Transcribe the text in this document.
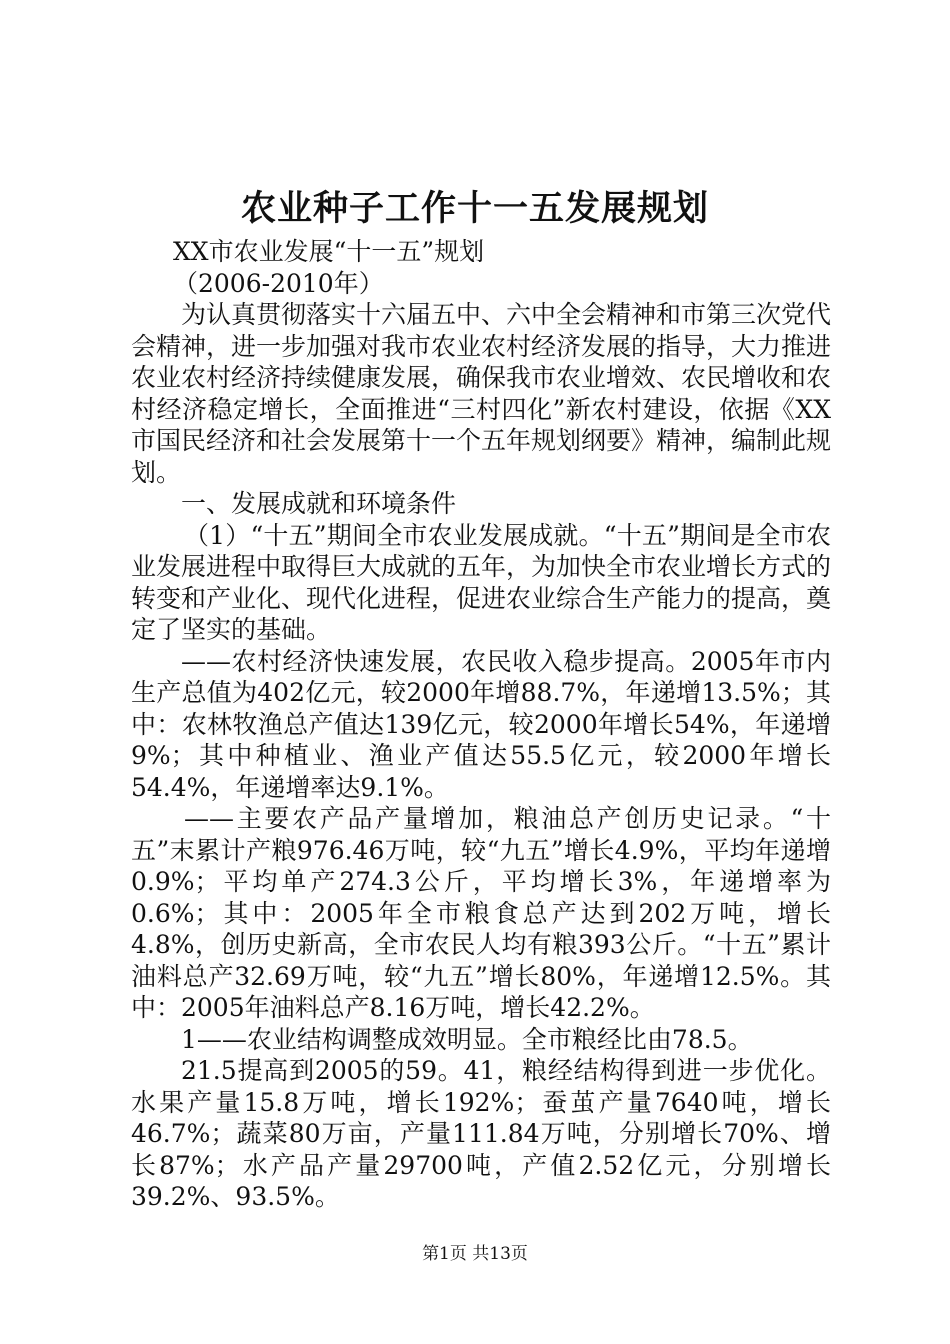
农业种子工作十一五发展规划

XX市农业发展“十一五”规划

（2006-2010年）

为认真贯彻落实十六届五中、六中全会精神和市第三次党代会精神，进一步加强对我市农业农村经济发展的指导，大力推进农业农村经济持续健康发展，确保我市农业增效、农民增收和农村经济稳定增长，全面推进“三村四化”新农村建设，依据《XX市国民经济和社会发展第十一个五年规划纲要》精神，编制此规划。

一、发展成就和环境条件

（1）“十五”期间全市农业发展成就。“十五”期间是全市农业发展进程中取得巨大成就的五年，为加快全市农业增长方式的转变和产业化、现代化进程，促进农业综合生产能力的提高，奠定了坚实的基础。

——农村经济快速发展，农民收入稳步提高。2005年市内生产总值为402亿元，较2000年增88.7%，年递增13.5%；其中：农林牧渔总产值达139亿元，较2000年增长54%，年递增9%；其中种植业、渔业产值达55.5亿元，较2000年增长54.4%，年递增率达9.1%。

——主要农产品产量增加，粮油总产创历史记录。“十五”末累计产粮976.46万吨，较“九五”增长4.9%，平均年递增0.9%；平均单产274.3公斤，平均增长3%，年递增率为0.6%；其中：2005年全市粮食总产达到202万吨，增长4.8%，创历史新高，全市农民人均有粮393公斤。“十五”累计油料总产32.69万吨，较“九五”增长80%，年递增12.5%。其中：2005年油料总产8.16万吨，增长42.2%。

1——农业结构调整成效明显。全市粮经比由78.5。

21.5提高到2005的59。41，粮经结构得到进一步优化。水果产量15.8万吨，增长192%；蚕茧产量7640吨，增长46.7%；蔬菜80万亩，产量111.84万吨，分别增长70%、增长87%；水产品产量29700吨，产值2.52亿元，分别增长39.2%、93.5%。

第1页 共13页
